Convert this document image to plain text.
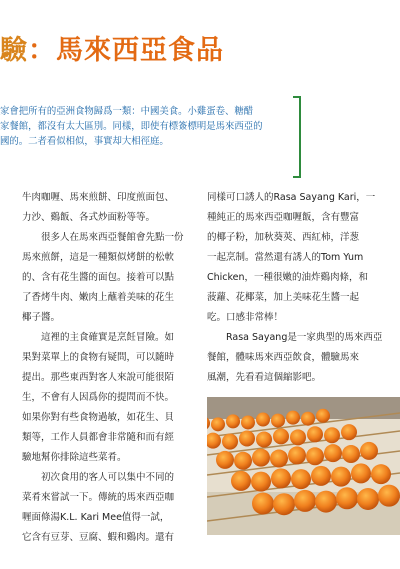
驗：馬來西亞食品
家會把所有的亞洲食物歸爲一類：中國美食。小雞蛋卷、糖醋
家餐館，都沒有太大區別。同樣，即使有標簽標明是馬來西亞的
國的。二者看似相似，事實却大相徑庭。

牛肉咖喱、馬來煎餅、印度煎面包、
力沙、鷄飯、各式炒面粉等等。

　　很多人在馬來西亞餐館會先點一份
馬來煎餅，這是一種類似烤餅的松軟
的、含有花生醬的面包。接着可以點
了香烤牛肉、嫩肉上蘸着美味的花生
椰子醬。

　　這裡的主食確實是烹飪冒險。如
果對菜單上的食物有疑問，可以隨時
提出。那些東西對客人來說可能很陌
生，不會有人因爲你的提問而不快。
如果你對有些食物過敏，如花生、貝
類等，工作人員都會非常隨和而有經
驗地幫你排除這些菜肴。

　　初次食用的客人可以集中不同的
菜肴來嘗試一下。傳統的馬來西亞咖
喱面條湯K.L. Kari Mee值得一試，
它含有豆芽、豆腐、蝦和鷄肉。還有

同樣可口誘人的Rasa Sayang Kari，一
種純正的馬來西亞咖喱飯，含有豐富
的椰子粉，加秋葵莢、西紅柿，洋葱
一起烹制。當然還有誘人的Tom Yum
Chicken，一種很嫩的油炸鷄肉條，和
菠蘿、花椰菜，加上美味花生醬一起
吃。口感非常棒！

　　Rasa Sayang是一家典型的馬來西亞
餐館，體味馬來西亞飲食，體驗馬來
風潮，先看看這個縮影吧。
